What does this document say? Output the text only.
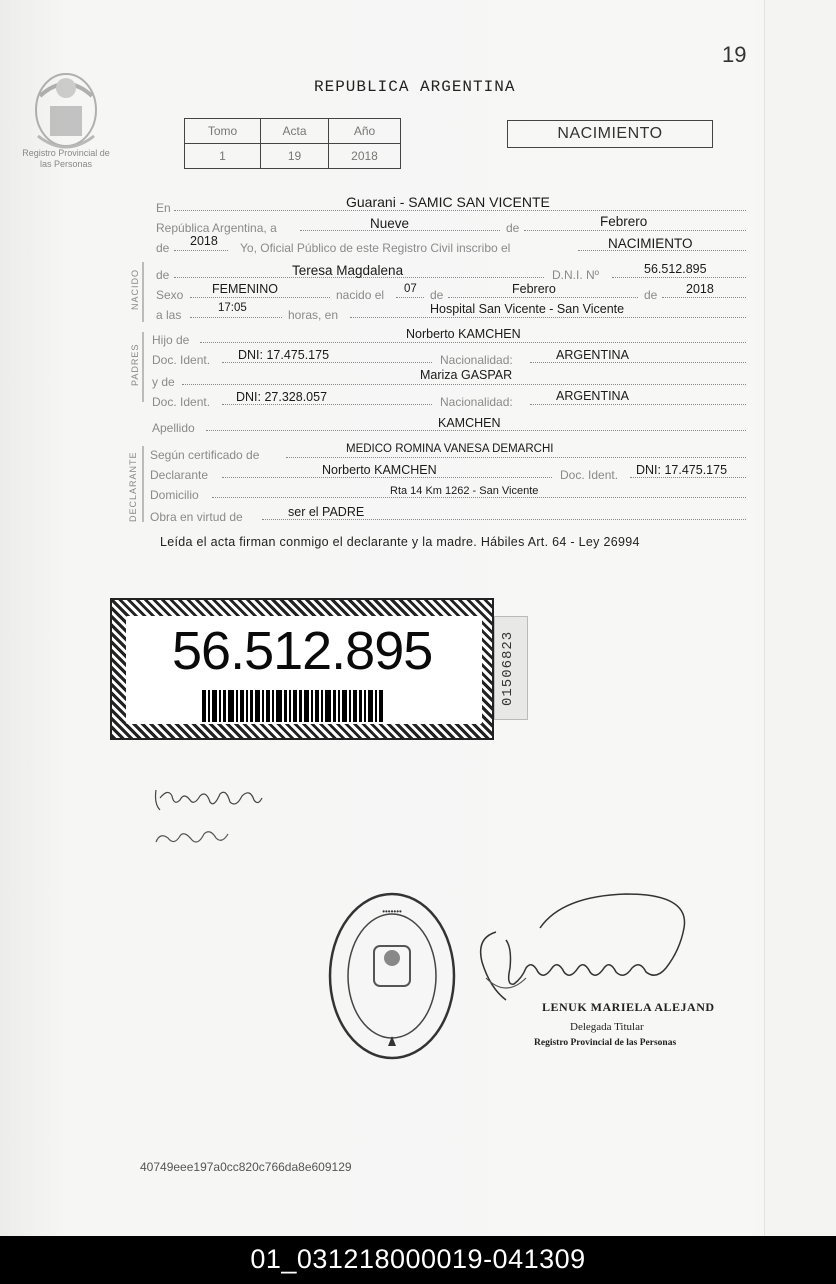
19
Registro Provincial de las Personas
REPUBLICA ARGENTINA
Tomo	Acta	Año
1	19	2018
NACIMIENTO
En	Guarani - SAMIC SAN VICENTE
República Argentina, a	Nueve	de	Febrero
de 2018 Yo, Oficial Público de este Registro Civil inscribo el	NACIMIENTO
NACIDO
PADRES
DECLARANTE
de	Teresa Magdalena	D.N.I. Nº	56.512.895
Sexo FEMENINO	nacido el 07 de	Febrero	de 2018
a las	17:05	horas, en	Hospital San Vicente - San Vicente
Hijo de	Norberto KAMCHEN
Doc. Ident. DNI: 17.475.175	Nacionalidad:	ARGENTINA
y de	Mariza GASPAR
Doc. Ident. DNI: 27.328.057	Nacionalidad:	ARGENTINA
Apellido	KAMCHEN
Según certificado de	MEDICO ROMINA VANESA DEMARCHI
Declarante	Norberto KAMCHEN	Doc. Ident. DNI: 17.475.175
Domicilio	Rta 14 Km 1262 - San Vicente
Obra en virtud de	ser el PADRE
Leída el acta firman conmigo el declarante y la madre. Hábiles Art. 64 - Ley 26994
56.512.895	01506823
•••••••
LENUK MARIELA ALEJAND
Delegada Titular
Registro Provincial de las Personas
40749eee197a0cc820c766da8e609129
01_031218000019-041309
